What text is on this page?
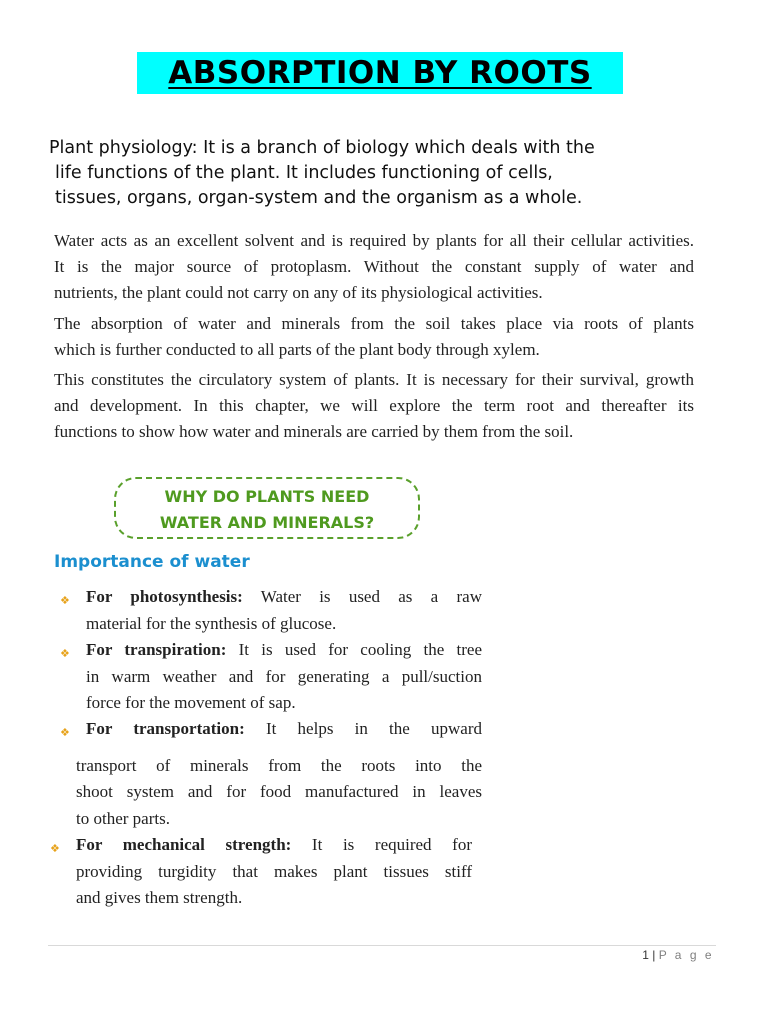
ABSORPTION BY ROOTS
Plant physiology: It is a branch of biology which deals with the
life functions of the plant. It includes functioning of cells,
tissues, organs, organ-system and the organism as a whole.
Water acts as an excellent solvent and is required by plants for all their cellular activities.
It is the major source of protoplasm. Without the constant supply of water and
nutrients, the plant could not carry on any of its physiological activities.
The absorption of water and minerals from the soil takes place via roots of plants
which is further conducted to all parts of the plant body through xylem.
This constitutes the circulatory system of plants. It is necessary for their survival, growth
and development. In this chapter, we will explore the term root and thereafter its
functions to show how water and minerals are carried by them from the soil.
WHY DO PLANTS NEED
WATER AND MINERALS?
Importance of water
❖ For photosynthesis: Water is used as a raw
material for the synthesis of glucose.
❖ For transpiration: It is used for cooling the tree
in warm weather and for generating a pull/suction
force for the movement of sap.
❖ For transportation: It helps in the upward
transport of minerals from the roots into the
shoot system and for food manufactured in leaves
to other parts.
❖ For mechanical strength: It is required for
providing turgidity that makes plant tissues stiff
and gives them strength.
1 | P a g e
